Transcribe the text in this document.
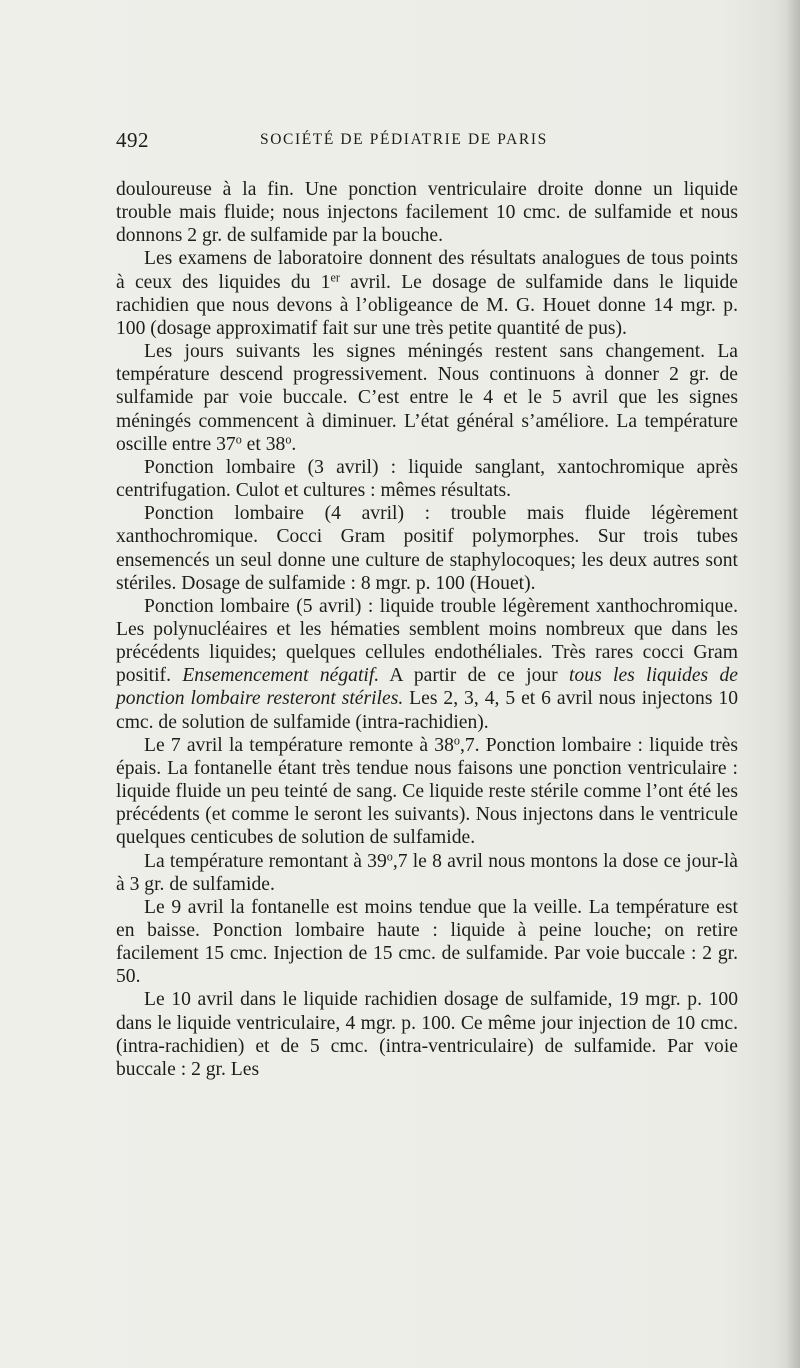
492	SOCIÉTÉ DE PÉDIATRIE DE PARIS

douloureuse à la fin. Une ponction ventriculaire droite donne un liquide trouble mais fluide; nous injectons facilement 10 cmc. de sulfamide et nous donnons 2 gr. de sulfamide par la bouche.

Les examens de laboratoire donnent des résultats analogues de tous points à ceux des liquides du 1er avril. Le dosage de sulfamide dans le liquide rachidien que nous devons à l’obligeance de M. G. Houet donne 14 mgr. p. 100 (dosage approximatif fait sur une très petite quantité de pus).

Les jours suivants les signes méningés restent sans changement. La température descend progressivement. Nous continuons à donner 2 gr. de sulfamide par voie buccale. C’est entre le 4 et le 5 avril que les signes méningés commencent à diminuer. L’état général s’améliore. La température oscille entre 37$^o$ et 38$^o$.

Ponction lombaire (3 avril) : liquide sanglant, xantochromique après centrifugation. Culot et cultures : mêmes résultats.

Ponction lombaire (4 avril) : trouble mais fluide légèrement xanthochromique. Cocci Gram positif polymorphes. Sur trois tubes ensemencés un seul donne une culture de staphylocoques; les deux autres sont stériles. Dosage de sulfamide : 8 mgr. p. 100 (Houet).

Ponction lombaire (5 avril) : liquide trouble légèrement xanthochromique. Les polynucléaires et les hématies semblent moins nombreux que dans les précédents liquides; quelques cellules endothéliales. Très rares cocci Gram positif. Ensemencement négatif. A partir de ce jour tous les liquides de ponction lombaire resteront stériles. Les 2, 3, 4, 5 et 6 avril nous injectons 10 cmc. de solution de sulfamide (intra-rachidien).

Le 7 avril la température remonte à 38$^o$,7. Ponction lombaire : liquide très épais. La fontanelle étant très tendue nous faisons une ponction ventriculaire : liquide fluide un peu teinté de sang. Ce liquide reste stérile comme l’ont été les précédents (et comme le seront les suivants). Nous injectons dans le ventricule quelques centicubes de solution de sulfamide.

La température remontant à 39$^o$,7 le 8 avril nous montons la dose ce jour-là à 3 gr. de sulfamide.

Le 9 avril la fontanelle est moins tendue que la veille. La température est en baisse. Ponction lombaire haute : liquide à peine louche; on retire facilement 15 cmc. Injection de 15 cmc. de sulfamide. Par voie buccale : 2 gr. 50.

Le 10 avril dans le liquide rachidien dosage de sulfamide, 19 mgr. p. 100 dans le liquide ventriculaire, 4 mgr. p. 100. Ce même jour injection de 10 cmc. (intra-rachidien) et de 5 cmc. (intra-ventriculaire) de sulfamide. Par voie buccale : 2 gr. Les
